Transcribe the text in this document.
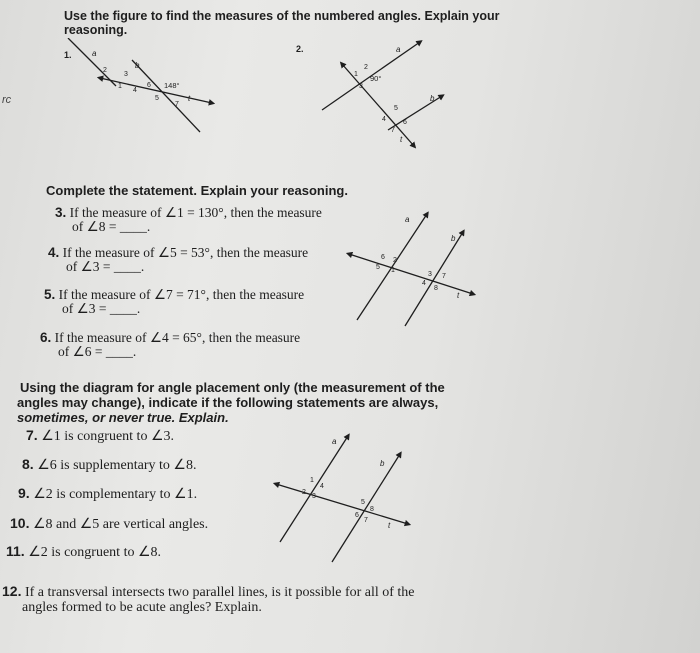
rc
Use the figure to find the measures of the numbered angles. Explain your
reasoning.
1.	a
b
t
1
2
3
4
5
6
7
148°
2.	a
b
t
1
2
3
4
5
6
7
90°
Complete the statement. Explain your reasoning.
3. If the measure of ∠1 = 130°, then the measure
of ∠8 = ____.
4. If the measure of ∠5 = 53°, then the measure
of ∠3 = ____.
5. If the measure of ∠7 = 71°, then the measure
of ∠3 = ____.
6. If the measure of ∠4 = 65°, then the measure
of ∠6 = ____.
a
b
t
1
2
3
4
5
6
7
8
Using the diagram for angle placement only (the measurement of the
angles may change), indicate if the following statements are always,
sometimes, or never true. Explain.
7. ∠1 is congruent to ∠3.
8. ∠6 is supplementary to ∠8.
9. ∠2 is complementary to ∠1.
10. ∠8 and ∠5 are vertical angles.
11. ∠2 is congruent to ∠8.
a
b
t
1
2
3
4
5
6
7
8
12. If a transversal intersects two parallel lines, is it possible for all of the
angles formed to be acute angles? Explain.
